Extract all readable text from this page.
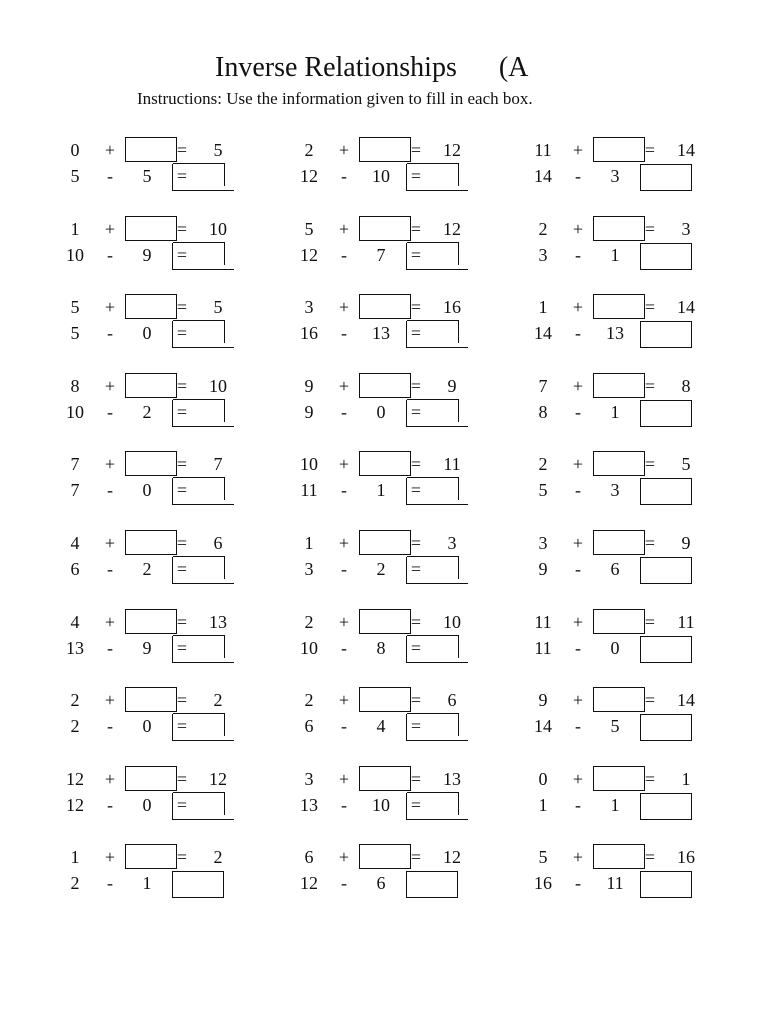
Inverse Relationships      (A
Instructions: Use the information given to fill in each box.
0	+	=	5
5	-	5	=
2	+	=	12
12	-	10	=
11	+	=	14
14	-	3
1	+	=	10
10	-	9	=
5	+	=	12
12	-	7	=
2	+	=	3
3	-	1
5	+	=	5
5	-	0	=
3	+	=	16
16	-	13	=
1	+	=	14
14	-	13
8	+	=	10
10	-	2	=
9	+	=	9
9	-	0	=
7	+	=	8
8	-	1
7	+	=	7
7	-	0	=
10	+	=	11
11	-	1	=
2	+	=	5
5	-	3
4	+	=	6
6	-	2	=
1	+	=	3
3	-	2	=
3	+	=	9
9	-	6
4	+	=	13
13	-	9	=
2	+	=	10
10	-	8	=
11	+	=	11
11	-	0
2	+	=	2
2	-	0	=
2	+	=	6
6	-	4	=
9	+	=	14
14	-	5
12	+	=	12
12	-	0	=
3	+	=	13
13	-	10	=
0	+	=	1
1	-	1
1	+	=	2
2	-	1
6	+	=	12
12	-	6
5	+	=	16
16	-	11
